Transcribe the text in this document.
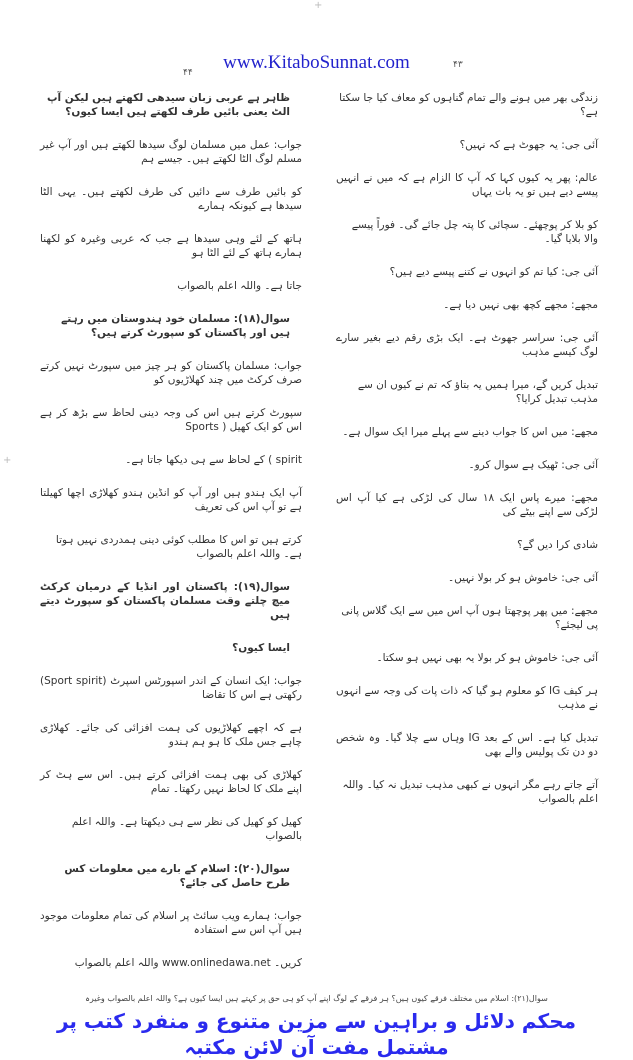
+
+
www.KitaboSunnat.com
۴۴
۴۳
زندگی بھر میں ہونے والے تمام گناہوں کو معاف کیا جا سکتا ہے؟
آئی جی: یہ جھوٹ ہے کہ نہیں؟
عالم: پھر یہ کیوں کہا کہ آپ کا الزام ہے کہ میں نے انہیں پیسے دیے ہیں تو یہ بات یہاں
کو بلا کر پوچھئے۔ سچائی کا پتہ چل جائے گی۔ فوراً پیسے والا بلایا گیا۔
آئی جی: کیا تم کو انہوں نے کتنے پیسے دیے ہیں؟
مجھے: مجھے کچھ بھی نہیں دیا ہے۔
آئی جی: سراسر جھوٹ ہے۔ ایک بڑی رقم دیے بغیر سارے لوگ کیسے مذہب
تبدیل کریں گے، میرا ہمیں یہ بتاؤ کہ تم نے کیوں ان سے مذہب تبدیل کرایا؟
مجھے: میں اس کا جواب دینے سے پہلے میرا ایک سوال ہے۔
آئی جی: ٹھیک ہے سوال کرو۔
مجھے: میرے پاس ایک ۱۸ سال کی لڑکی ہے کیا آپ اس لڑکی سے اپنے بیٹے کی
شادی کرا دیں گے؟
آئی جی: خاموش ہو کر بولا نہیں۔
مجھے: میں پھر پوچھتا ہوں آپ اس میں سے ایک گلاس پانی پی لیجئے؟
آئی جی: خاموش ہو کر بولا یہ بھی نہیں ہو سکتا۔
ہر کیف IG کو معلوم ہو گیا کہ ذات پات کی وجہ سے انہوں نے مذہب
تبدیل کیا ہے۔ اس کے بعد IG وہاں سے چلا گیا۔ وہ شخص دو دن تک پولیس والے بھی
آتے جاتے رہے مگر انہوں نے کبھی مذہب تبدیل نہ کیا۔ واللہ اعلم بالصواب
ظاہر ہے عربی زبان سیدھی لکھتے ہیں لیکن آپ الٹ یعنی بائیں طرف لکھتے ہیں ایسا کیوں؟
جواب: عمل میں مسلمان لوگ سیدھا لکھتے ہیں اور آپ غیر مسلم لوگ الٹا لکھتے ہیں۔ جیسے ہم
کو بائیں طرف سے دائیں کی طرف لکھتے ہیں۔ یہی الٹا سیدھا ہے کیونکہ ہمارے
ہاتھ کے لئے وہی سیدھا ہے جب کہ عربی وغیرہ کو لکھنا ہمارے ہاتھ کے لئے الٹا ہو
جاتا ہے۔ واللہ اعلم بالصواب
سوال(۱۸): مسلمان خود ہندوستان میں رہتے ہیں اور پاکستان کو سپورٹ کرتے ہیں؟
جواب: مسلمان پاکستان کو ہر چیز میں سپورٹ نہیں کرتے صرف کرکٹ میں چند کھلاڑیوں کو
سپورٹ کرتے ہیں اس کی وجہ دینی لحاظ سے بڑھ کر ہے اس کو ایک کھیل ( Sports
spirit ) کے لحاظ سے ہی دیکھا جاتا ہے۔
آپ ایک ہندو ہیں اور آپ کو انڈین ہندو کھلاڑی اچھا کھیلتا ہے تو آپ اس کی تعریف
کرتے ہیں تو اس کا مطلب کوئی دینی ہمدردی نہیں ہوتا ہے۔ واللہ اعلم بالصواب
سوال(۱۹): پاکستان اور انڈیا کے درمیان کرکٹ میچ چلتے وقت مسلمان پاکستان کو سپورٹ دیتے ہیں
ایسا کیوں؟
جواب: ایک انسان کے اندر اسپورٹس اسپرٹ (Sport spirit) رکھتی ہے اس کا تقاضا
ہے کہ اچھے کھلاڑیوں کی ہمت افزائی کی جائے۔ کھلاڑی چاہے جس ملک کا ہو ہم ہندو
کھلاڑی کی بھی ہمت افزائی کرتے ہیں۔ اس سے ہٹ کر اپنے ملک کا لحاظ نہیں رکھتا۔ تمام
کھیل کو کھیل کی نظر سے ہی دیکھتا ہے۔ واللہ اعلم بالصواب
سوال(۲۰): اسلام کے بارے میں معلومات کس طرح حاصل کی جائے؟
جواب: ہمارے ویب سائٹ پر اسلام کی تمام معلومات موجود ہیں آپ اس سے استفادہ
کریں۔ www.onlinedawa.net واللہ اعلم بالصواب
سوال(۲۱): اسلام میں مختلف فرقے کیوں ہیں؟ ہر فرقے کے لوگ اپنے آپ کو ہی حق پر کہتے ہیں ایسا کیوں ہے؟ واللہ اعلم بالصواب وغیرہ
محکم دلائل و براہین سے مزین متنوع و منفرد کتب پر مشتمل مفت آن لائن مکتبہ
